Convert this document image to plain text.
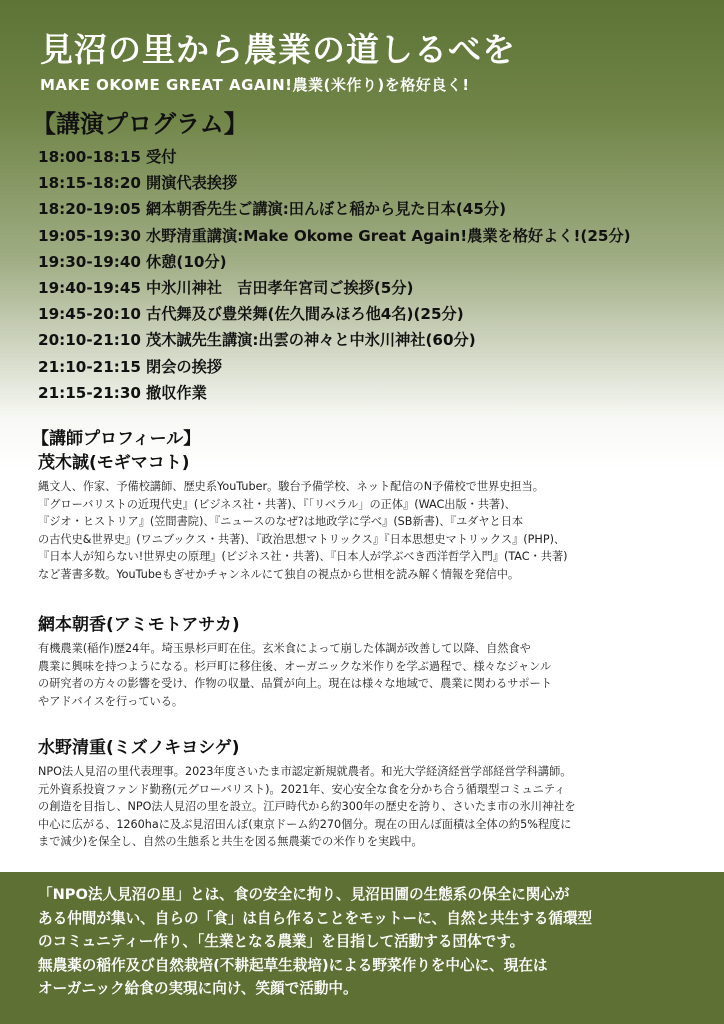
見沼の里から農業の道しるべを

MAKE OKOME GREAT AGAIN!農業(米作り)を格好良く!

【講演プログラム】
18:00-18:15 受付
18:15-18:20 開演代表挨拶
18:20-19:05 網本朝香先生ご講演:田んぼと稲から見た日本(45分)
19:05-19:30 水野清重講演:Make Okome Great Again!農業を格好よく!(25分)
19:30-19:40 休憩(10分)
19:40-19:45 中氷川神社　吉田孝年宮司ご挨拶(5分)
19:45-20:10 古代舞及び豊栄舞(佐久間みほろ他4名)(25分)
20:10-21:10 茂木誠先生講演:出雲の神々と中氷川神社(60分)
21:10-21:15 閉会の挨拶
21:15-21:30 撤収作業
【講師プロフィール】
茂木誠(モギマコト)

縄文人、作家、予備校講師、歴史系YouTuber。駿台予備学校、ネット配信のN予備校で世界史担当。
『グローバリストの近現代史』(ビジネス社・共著)、『「リベラル」の正体』(WAC出版・共著)、
『ジオ・ヒストリア』(笠間書院)、『ニュースのなぜ?は地政学に学べ』(SB新書)、『ユダヤと日本
の古代史&世界史』(ワニブックス・共著)、『政治思想マトリックス』『日本思想史マトリックス』(PHP)、
『日本人が知らない!世界史の原理』(ビジネス社・共著)、『日本人が学ぶべき西洋哲学入門』(TAC・共著)
など著書多数。YouTubeもぎせかチャンネルにて独自の視点から世相を読み解く情報を発信中。

網本朝香(アミモトアサカ)

有機農業(稲作)歴24年。埼玉県杉戸町在住。玄米食によって崩した体調が改善して以降、自然食や
農業に興味を持つようになる。杉戸町に移住後、オーガニックな米作りを学ぶ過程で、様々なジャンル
の研究者の方々の影響を受け、作物の収量、品質が向上。現在は様々な地域で、農業に関わるサポート
やアドバイスを行っている。

水野清重(ミズノキヨシゲ)

NPO法人見沼の里代表理事。2023年度さいたま市認定新規就農者。和光大学経済経営学部経営学科講師。
元外資系投資ファンド勤務(元グローバリスト)。2021年、安心安全な食を分かち合う循環型コミュニティ
の創造を目指し、NPO法人見沼の里を設立。江戸時代から約300年の歴史を誇り、さいたま市の氷川神社を
中心に広がる、1260haに及ぶ見沼田んぼ(東京ドーム約270個分。現在の田んぼ面積は全体の約5%程度に
まで減少)を保全し、自然の生態系と共生を図る無農薬での米作りを実践中。

「NPO法人見沼の里」とは、食の安全に拘り、見沼田圃の生態系の保全に関心が
ある仲間が集い、自らの「食」は自ら作ることをモットーに、自然と共生する循環型
のコミュニティー作り、「生業となる農業」を目指して活動する団体です。
無農薬の稲作及び自然栽培(不耕起草生栽培)による野菜作りを中心に、現在は
オーガニック給食の実現に向け、笑顔で活動中。
